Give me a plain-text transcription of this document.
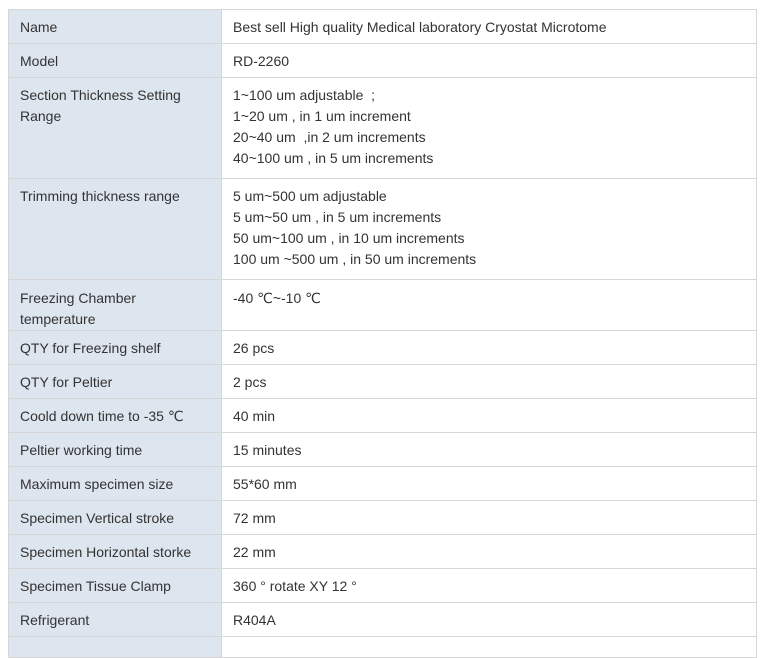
Name	Best sell High quality Medical laboratory Cryostat Microtome

Model	RD-2260

Section Thickness Setting Range	1~100 um adjustable  ;
1~20 um , in 1 um increment
20~40 um  ,in 2 um increments
40~100 um , in 5 um increments

Trimming thickness range	5 um~500 um adjustable
5 um~50 um , in 5 um increments
50 um~100 um , in 10 um increments
100 um ~500 um , in 50 um increments

Freezing Chamber temperature	-40 ℃~-10 ℃

QTY for Freezing shelf	26 pcs

QTY for Peltier	2 pcs

Coold down time to -35 ℃	40 min

Peltier working time	15 minutes

Maximum specimen size	55*60 mm

Specimen Vertical stroke	72 mm

Specimen Horizontal storke	22 mm

Specimen Tissue Clamp	360 ° rotate XY 12 °

Refrigerant	R404A
